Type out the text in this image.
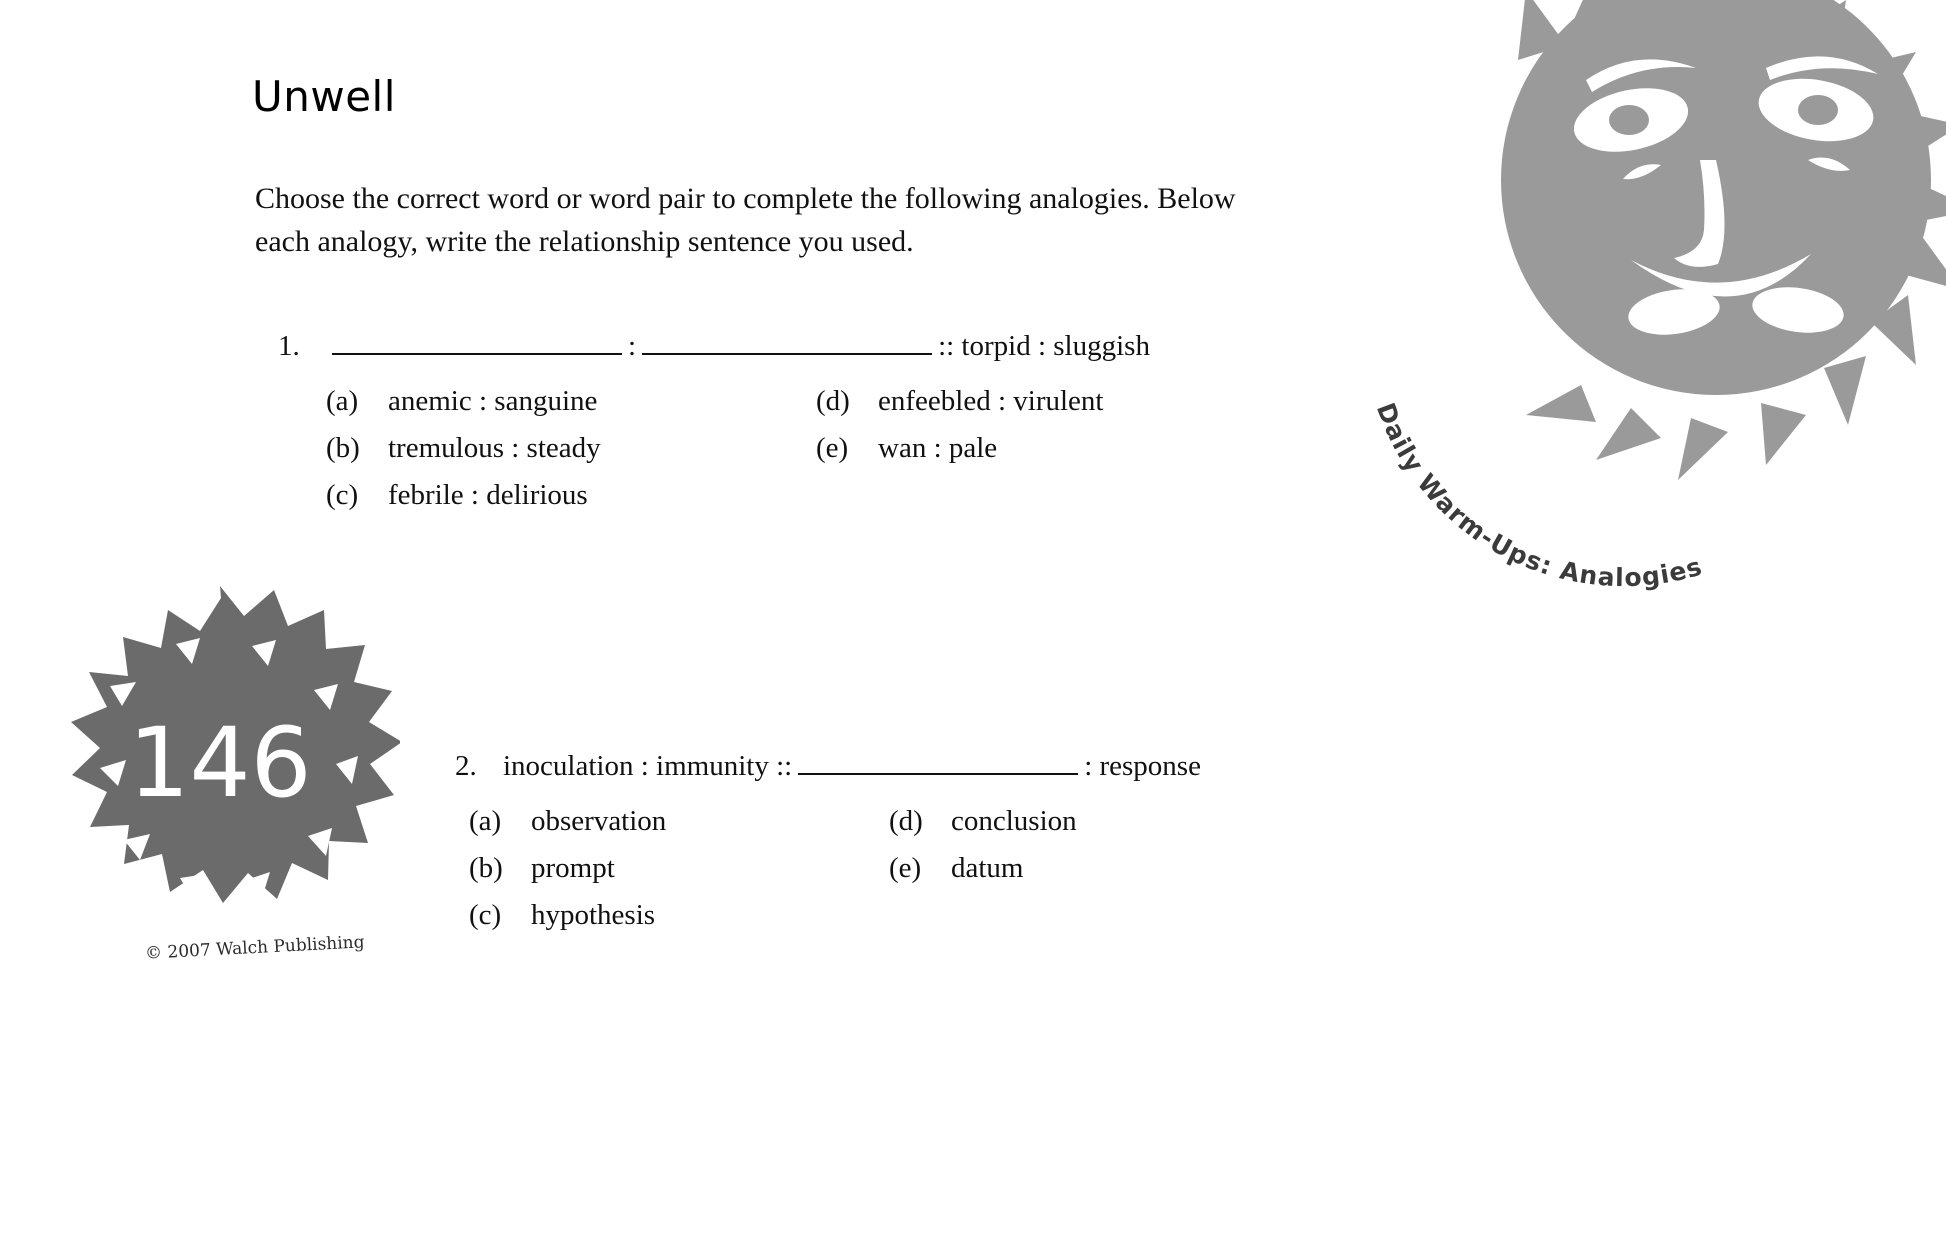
Daily Warm-Ups: Analogies
146
© 2007 Walch Publishing
Unwell

Choose the correct word or word pair to complete the following analogies. Below each analogy, write the relationship sentence you used.

1.	:	:: torpid : sluggish
(a)	anemic : sanguine	(d) enfeebled : virulent
(b) tremulous : steady	(e)	wan : pale
(c)	febrile : delirious
2. inoculation : immunity ::	: response
(a)	observation	(d) conclusion
(b) prompt	(e)	datum
(c)	hypothesis
